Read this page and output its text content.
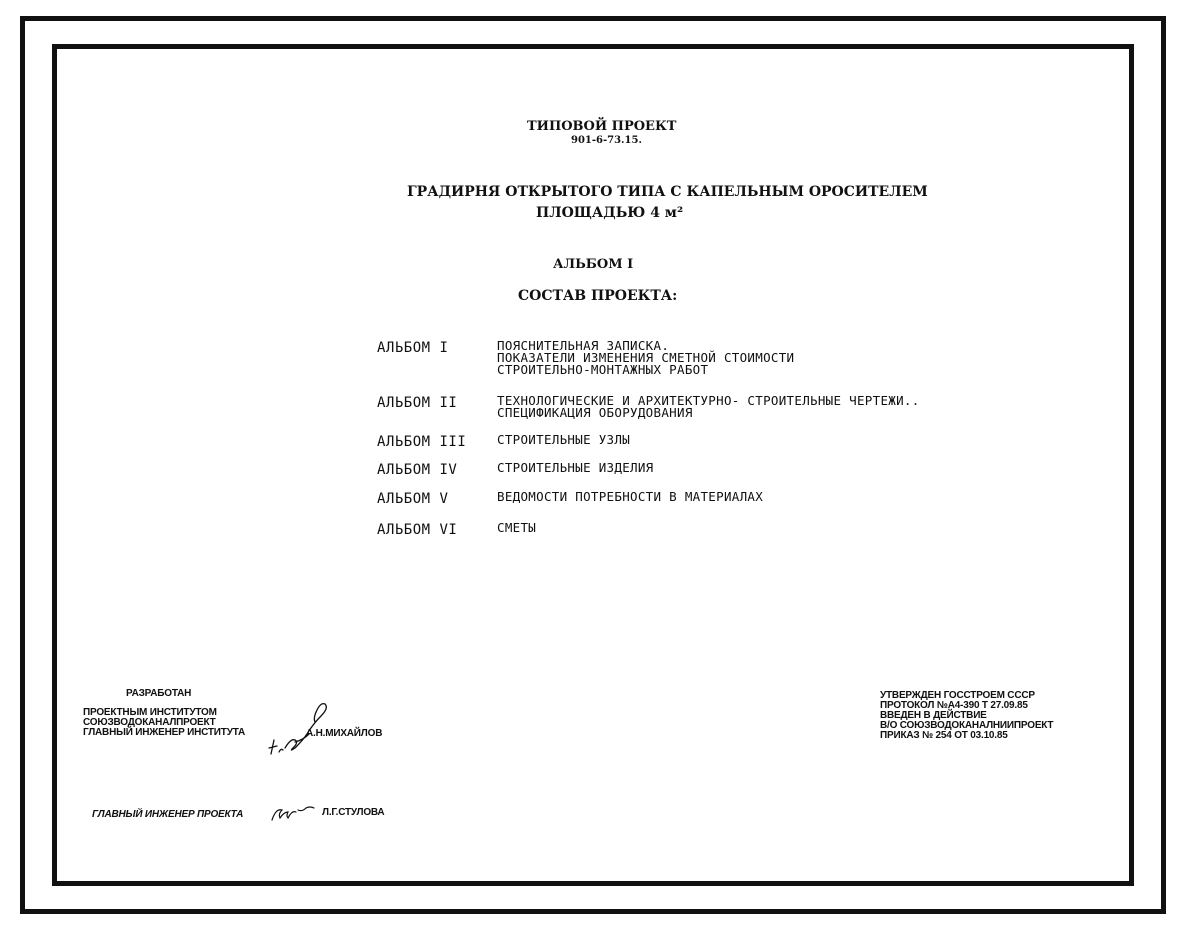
ТИПОВОЙ ПРОЕКТ
901-6-73.15.
ГРАДИРНЯ ОТКРЫТОГО ТИПА С КАПЕЛЬНЫМ ОРОСИТЕЛЕМ
ПЛОЩАДЬЮ 4 м²
АЛЬБОМ I
СОСТАВ ПРОЕКТА:
АЛЬБОМ I	ПОЯСНИТЕЛЬНАЯ ЗАПИСКА.
ПОКАЗАТЕЛИ ИЗМЕНЕНИЯ СМЕТНОЙ СТОИМОСТИ
СТРОИТЕЛЬНО-МОНТАЖНЫХ РАБОТ
АЛЬБОМ II	ТЕХНОЛОГИЧЕСКИЕ И АРХИТЕКТУРНО- СТРОИТЕЛЬНЫЕ ЧЕРТЕЖИ..
СПЕЦИФИКАЦИЯ ОБОРУДОВАНИЯ
АЛЬБОМ III СТРОИТЕЛЬНЫЕ УЗЛЫ
АЛЬБОМ IV	СТРОИТЕЛЬНЫЕ ИЗДЕЛИЯ
АЛЬБОМ V	ВЕДОМОСТИ ПОТРЕБНОСТИ В МАТЕРИАЛАХ
АЛЬБОМ VI	СМЕТЫ
РАЗРАБОТАН
ПРОЕКТНЫМ ИНСТИТУТОМ
СОЮЗВОДОКАНАЛПРОЕКТ
ГЛАВНЫЙ ИНЖЕНЕР ИНСТИТУТА	А.Н.МИХАЙЛОВ
ГЛАВНЫЙ ИНЖЕНЕР ПРОЕКТА	Л.Г.СТУЛОВА
УТВЕРЖДЕН ГОССТРОЕМ СССР
ПРОТОКОЛ №А4-390 Т 27.09.85
ВВЕДЕН В ДЕЙСТВИЕ
В/О СОЮЗВОДОКАНАЛНИИПРОЕКТ
ПРИКАЗ № 254 ОТ 03.10.85
